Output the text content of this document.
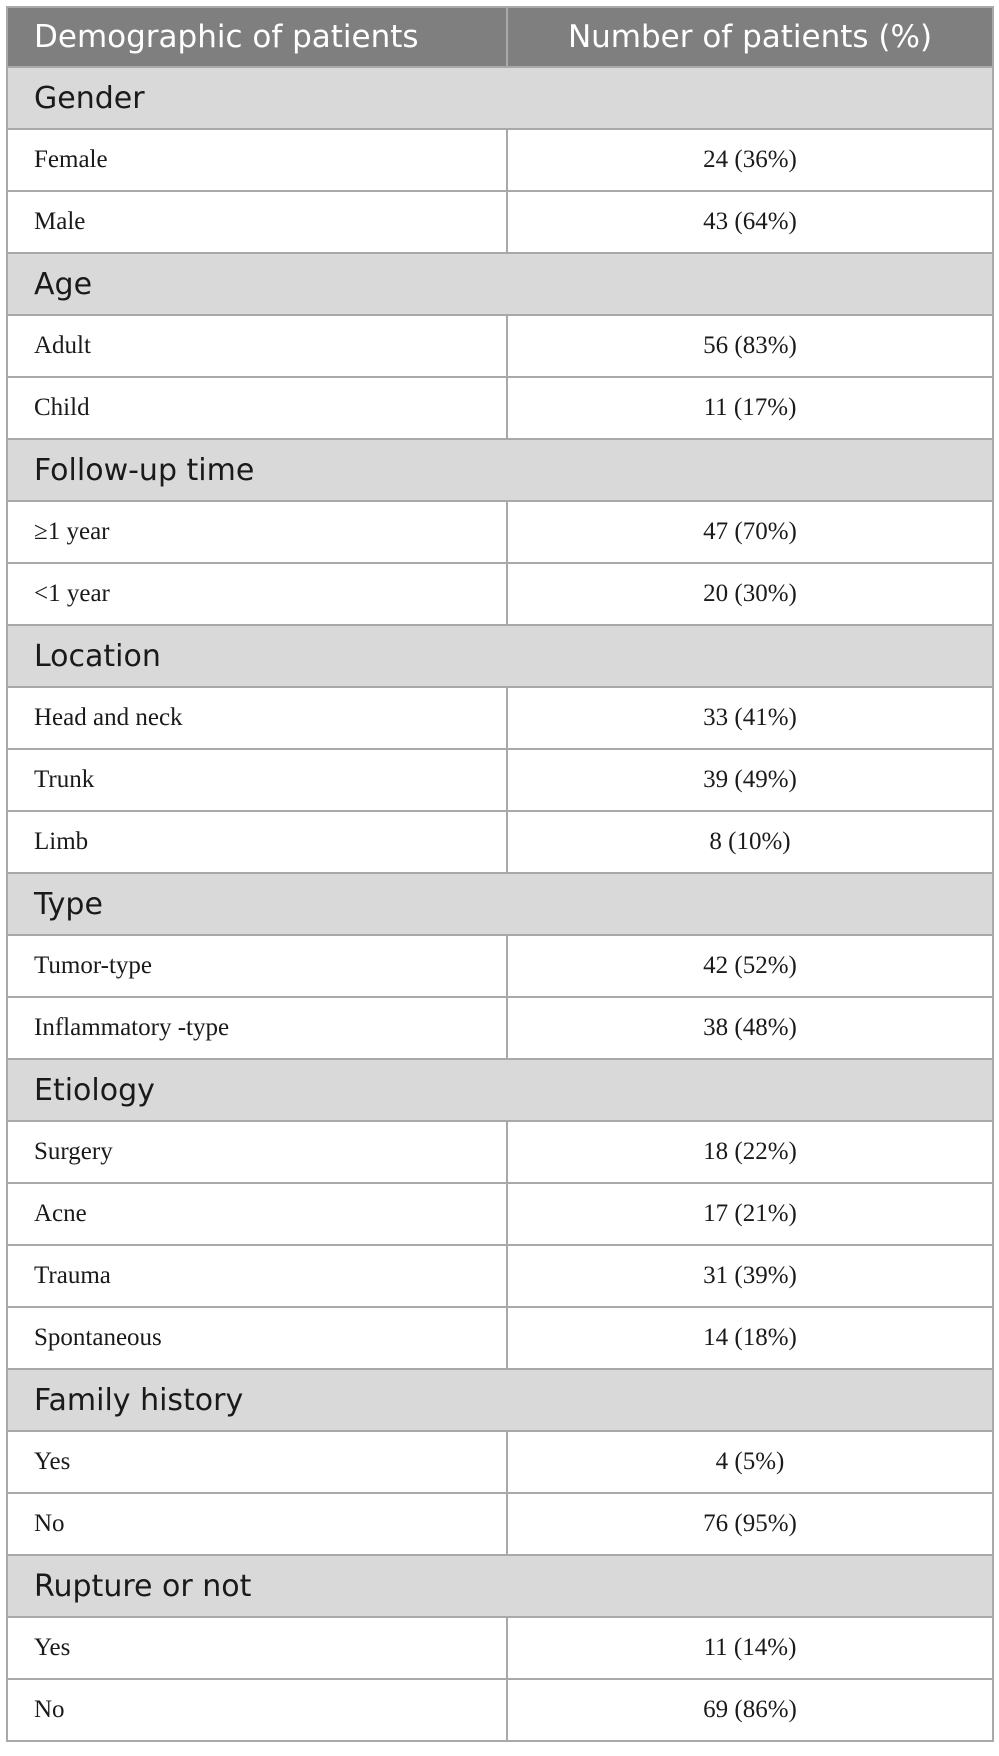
Demographic of patients	Number of patients (%)
Gender	
Female	24 (36%)
Male	43 (64%)
Age	
Adult	56 (83%)
Child	11 (17%)
Follow-up time	
≥1 year	47 (70%)
<1 year	20 (30%)
Location	
Head and neck	33 (41%)
Trunk	39 (49%)
Limb	8 (10%)
Type	
Tumor-type	42 (52%)
Inflammatory -type	38 (48%)
Etiology	
Surgery	18 (22%)
Acne	17 (21%)
Trauma	31 (39%)
Spontaneous	14 (18%)
Family history	
Yes	4 (5%)
No	76 (95%)
Rupture or not	
Yes	11 (14%)
No	69 (86%)
